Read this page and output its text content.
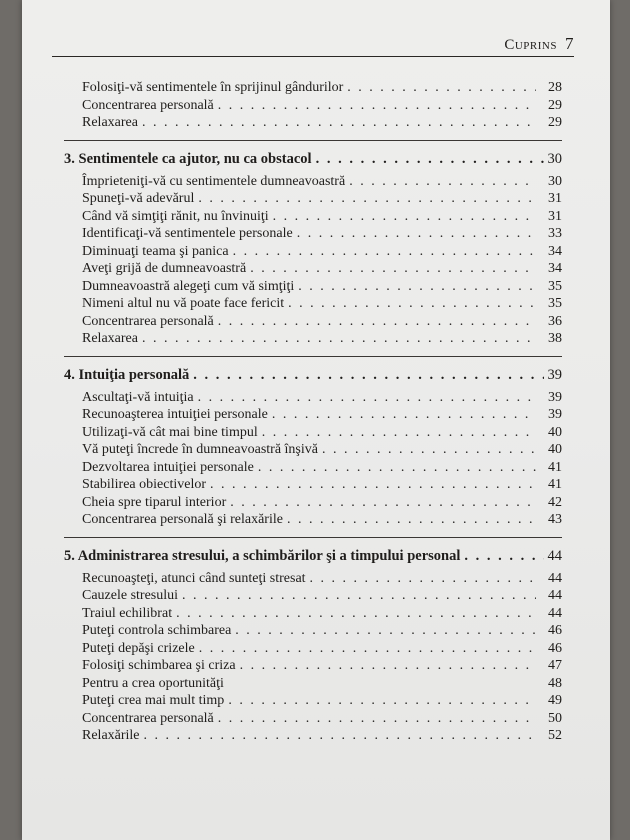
Cuprins 7
Folosiţi-vă sentimentele în sprijinul gândurilor . . .	28
Concentrarea personală . . .	29
Relaxarea . . .	29
3. Sentimentele ca ajutor, nu ca obstacol . . .	30
Împrieteniţi-vă cu sentimentele dumneavoastră . . .	30
Spuneţi-vă adevărul . . .	31
Când vă simţiţi rănit, nu învinuiţi . . .	31
Identificaţi-vă sentimentele personale . . .	33
Diminuaţi teama şi panica . . .	34
Aveţi grijă de dumneavoastră . . .	34
Dumneavoastră alegeţi cum vă simţiţi . . .	35
Nimeni altul nu vă poate face fericit . . .	35
Concentrarea personală . . .	36
Relaxarea . . .	38
4. Intuiţia personală . . .	39
Ascultaţi-vă intuiţia . . .	39
Recunoaşterea intuiţiei personale . . .	39
Utilizaţi-vă cât mai bine timpul . . .	40
Vă puteţi încrede în dumneavoastră înşivă . . .	40
Dezvoltarea intuiţiei personale . . .	41
Stabilirea obiectivelor . . .	41
Cheia spre tiparul interior . . .	42
Concentrarea personală şi relaxările . . .	43
5. Administrarea stresului, a schimbărilor şi a timpului personal . . .	44
Recunoaşteţi, atunci când sunteţi stresat . . .	44
Cauzele stresului . . .	44
Traiul echilibrat . . .	44
Puteţi controla schimbarea . . .	46
Puteţi depăşi crizele . . .	46
Folosiţi schimbarea şi criza . . .	47
Pentru a crea oportunităţi	48
Puteţi crea mai mult timp . . .	49
Concentrarea personală . . .	50
Relaxările . . .	52
